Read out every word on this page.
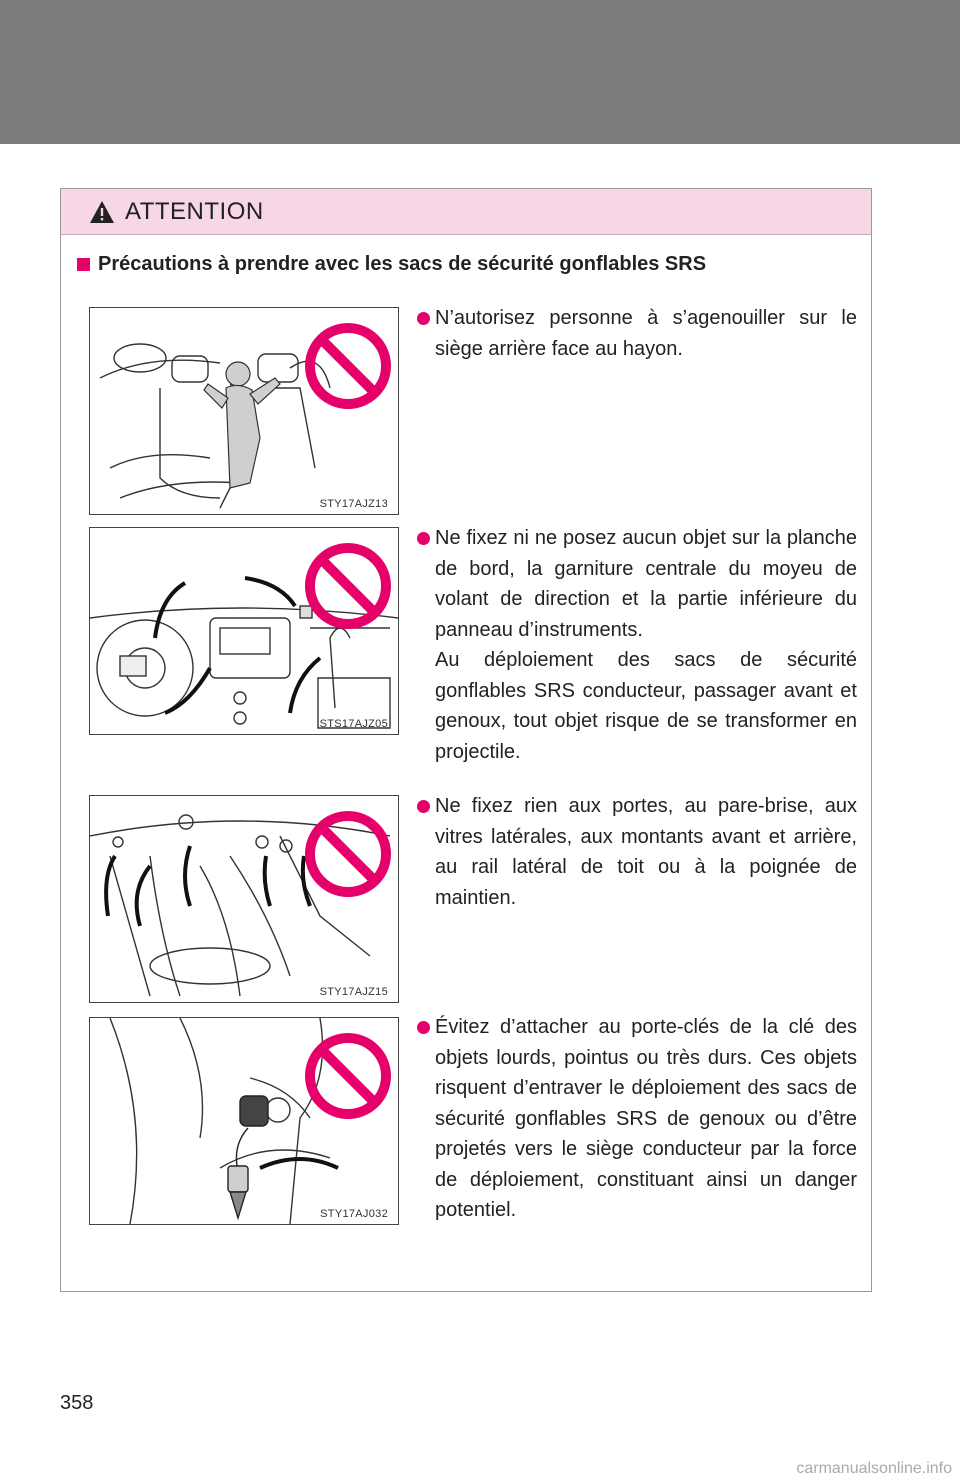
ATTENTION
Précautions à prendre avec les sacs de sécurité gonflables SRS
STY17AJZ13
STS17AJZ05
STY17AJZ15
STY17AJ032

N’autorisez personne à s’agenouiller sur le siège arrière face au hayon.

Ne fixez ni ne posez aucun objet sur la planche de bord, la garniture centrale du moyeu de volant de direction et la partie inférieure du panneau d’instruments.

Au déploiement des sacs de sécurité gonflables SRS conducteur, passager avant et genoux, tout objet risque de se transformer en projectile.

Ne fixez rien aux portes, au pare-brise, aux vitres latérales, aux montants avant et arrière, au rail latéral de toit ou à la poignée de maintien.

Évitez d’attacher au porte-clés de la clé des objets lourds, pointus ou très durs. Ces objets risquent d’entraver le déploiement des sacs de sécurité gonflables SRS de genoux ou d’être projetés vers le siège conducteur par la force de déploiement, constituant ainsi un danger potentiel.

358
carmanualsonline.info
